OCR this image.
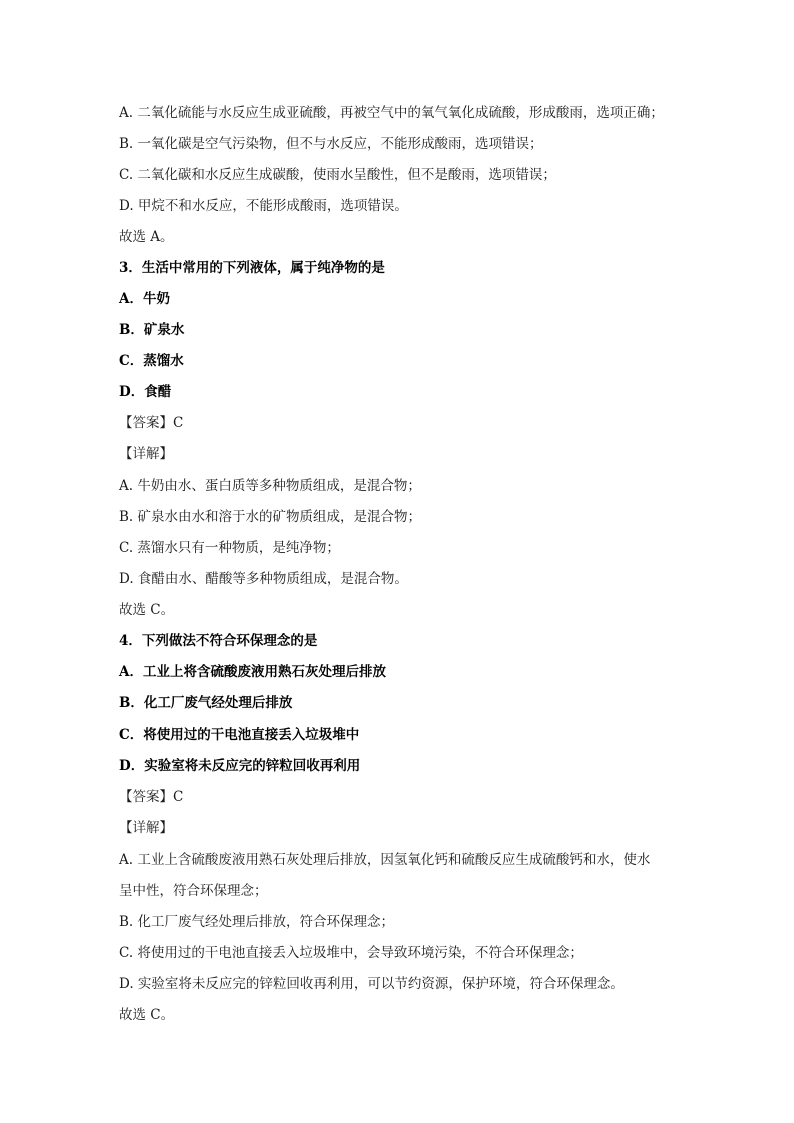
A. 二氧化硫能与水反应生成亚硫酸，再被空气中的氧气氧化成硫酸，形成酸雨，选项正确；
B. 一氧化碳是空气污染物，但不与水反应，不能形成酸雨，选项错误；
C. 二氧化碳和水反应生成碳酸，使雨水呈酸性，但不是酸雨，选项错误；
D. 甲烷不和水反应，不能形成酸雨，选项错误。
故选 A。
3．生活中常用的下列液体，属于纯净物的是
A．牛奶
B．矿泉水
C．蒸馏水
D．食醋
【答案】C
【详解】
A. 牛奶由水、蛋白质等多种物质组成，是混合物；
B. 矿泉水由水和溶于水的矿物质组成，是混合物；
C. 蒸馏水只有一种物质，是纯净物；
D. 食醋由水、醋酸等多种物质组成，是混合物。
故选 C。
4．下列做法不符合环保理念的是
A．工业上将含硫酸废液用熟石灰处理后排放
B．化工厂废气经处理后排放
C．将使用过的干电池直接丢入垃圾堆中
D．实验室将未反应完的锌粒回收再利用
【答案】C
【详解】
A. 工业上含硫酸废液用熟石灰处理后排放，因氢氧化钙和硫酸反应生成硫酸钙和水，使水
呈中性，符合环保理念；
B. 化工厂废气经处理后排放，符合环保理念；
C. 将使用过的干电池直接丢入垃圾堆中，会导致环境污染，不符合环保理念；
D. 实验室将未反应完的锌粒回收再利用，可以节约资源，保护环境，符合环保理念。
故选 C。
